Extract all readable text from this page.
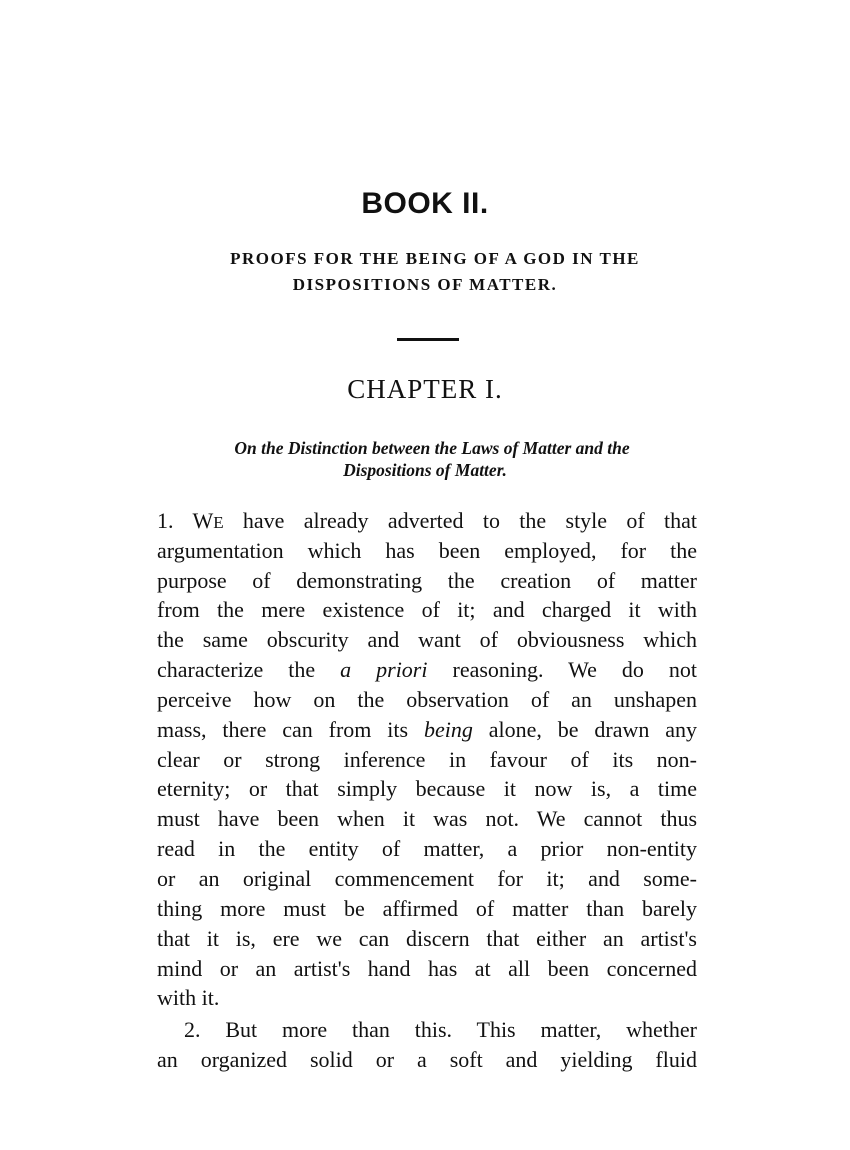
BOOK II.
PROOFS FOR THE BEING OF A GOD IN THE
DISPOSITIONS OF MATTER.
CHAPTER I.
On the Distinction between the Laws of Matter and the
Dispositions of Matter.

1. WE have already adverted to the style of that

argumentation which has been employed, for the

purpose of demonstrating the creation of matter

from the mere existence of it; and charged it with

the same obscurity and want of obviousness which

characterize the a priori reasoning. We do not

perceive how on the observation of an unshapen

mass, there can from its being alone, be drawn any

clear or strong inference in favour of its non-

eternity; or that simply because it now is, a time

must have been when it was not. We cannot thus

read in the entity of matter, a prior non-entity

or an original commencement for it; and some-

thing more must be affirmed of matter than barely

that it is, ere we can discern that either an artist's

mind or an artist's hand has at all been concerned

with it.

2. But more than this. This matter, whether

an organized solid or a soft and yielding fluid
